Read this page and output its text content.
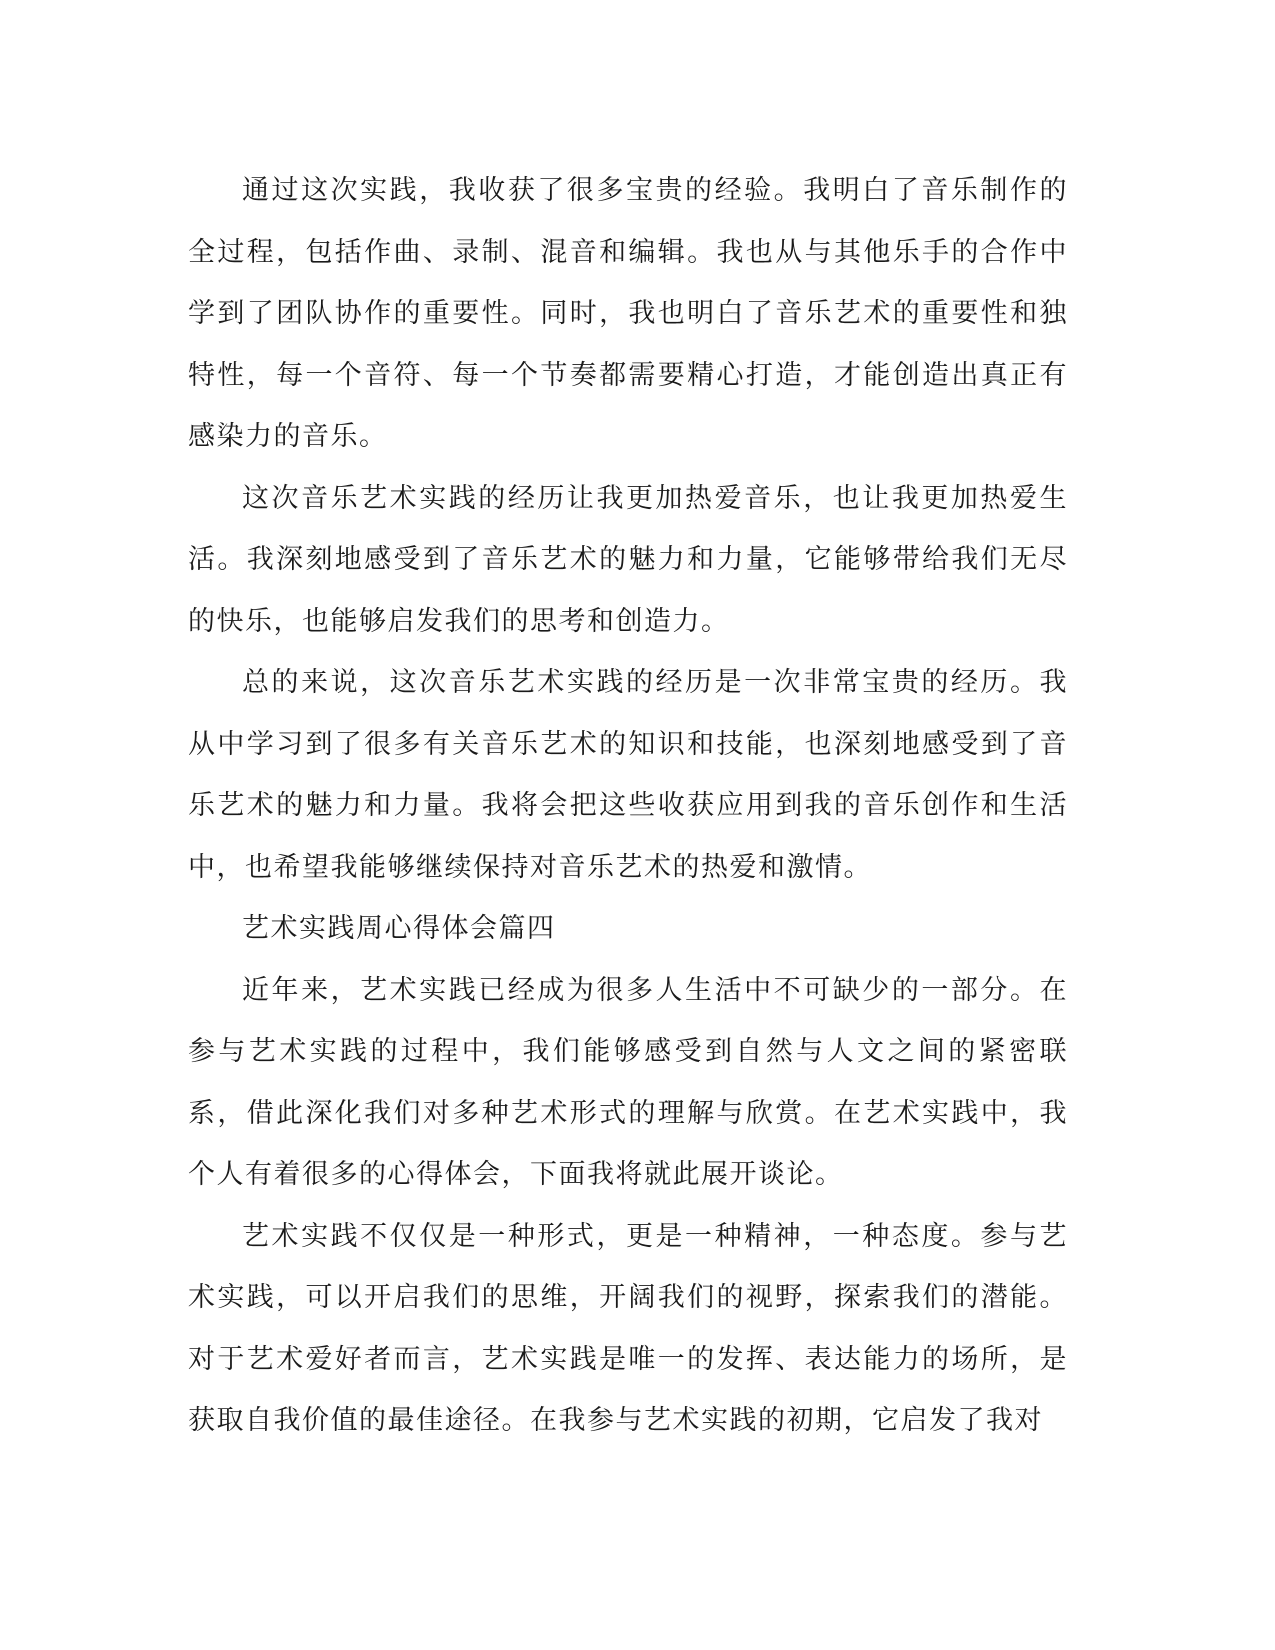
通过这次实践，我收获了很多宝贵的经验。我明白了音乐制作的全过程，包括作曲、录制、混音和编辑。我也从与其他乐手的合作中学到了团队协作的重要性。同时，我也明白了音乐艺术的重要性和独特性，每一个音符、每一个节奏都需要精心打造，才能创造出真正有感染力的音乐。

这次音乐艺术实践的经历让我更加热爱音乐，也让我更加热爱生活。我深刻地感受到了音乐艺术的魅力和力量，它能够带给我们无尽的快乐，也能够启发我们的思考和创造力。

总的来说，这次音乐艺术实践的经历是一次非常宝贵的经历。我从中学习到了很多有关音乐艺术的知识和技能，也深刻地感受到了音乐艺术的魅力和力量。我将会把这些收获应用到我的音乐创作和生活中，也希望我能够继续保持对音乐艺术的热爱和激情。

艺术实践周心得体会篇四

近年来，艺术实践已经成为很多人生活中不可缺少的一部分。在参与艺术实践的过程中，我们能够感受到自然与人文之间的紧密联系，借此深化我们对多种艺术形式的理解与欣赏。在艺术实践中，我个人有着很多的心得体会，下面我将就此展开谈论。

艺术实践不仅仅是一种形式，更是一种精神，一种态度。参与艺术实践，可以开启我们的思维，开阔我们的视野，探索我们的潜能。对于艺术爱好者而言，艺术实践是唯一的发挥、表达能力的场所，是获取自我价值的最佳途径。在我参与艺术实践的初期，它启发了我对
